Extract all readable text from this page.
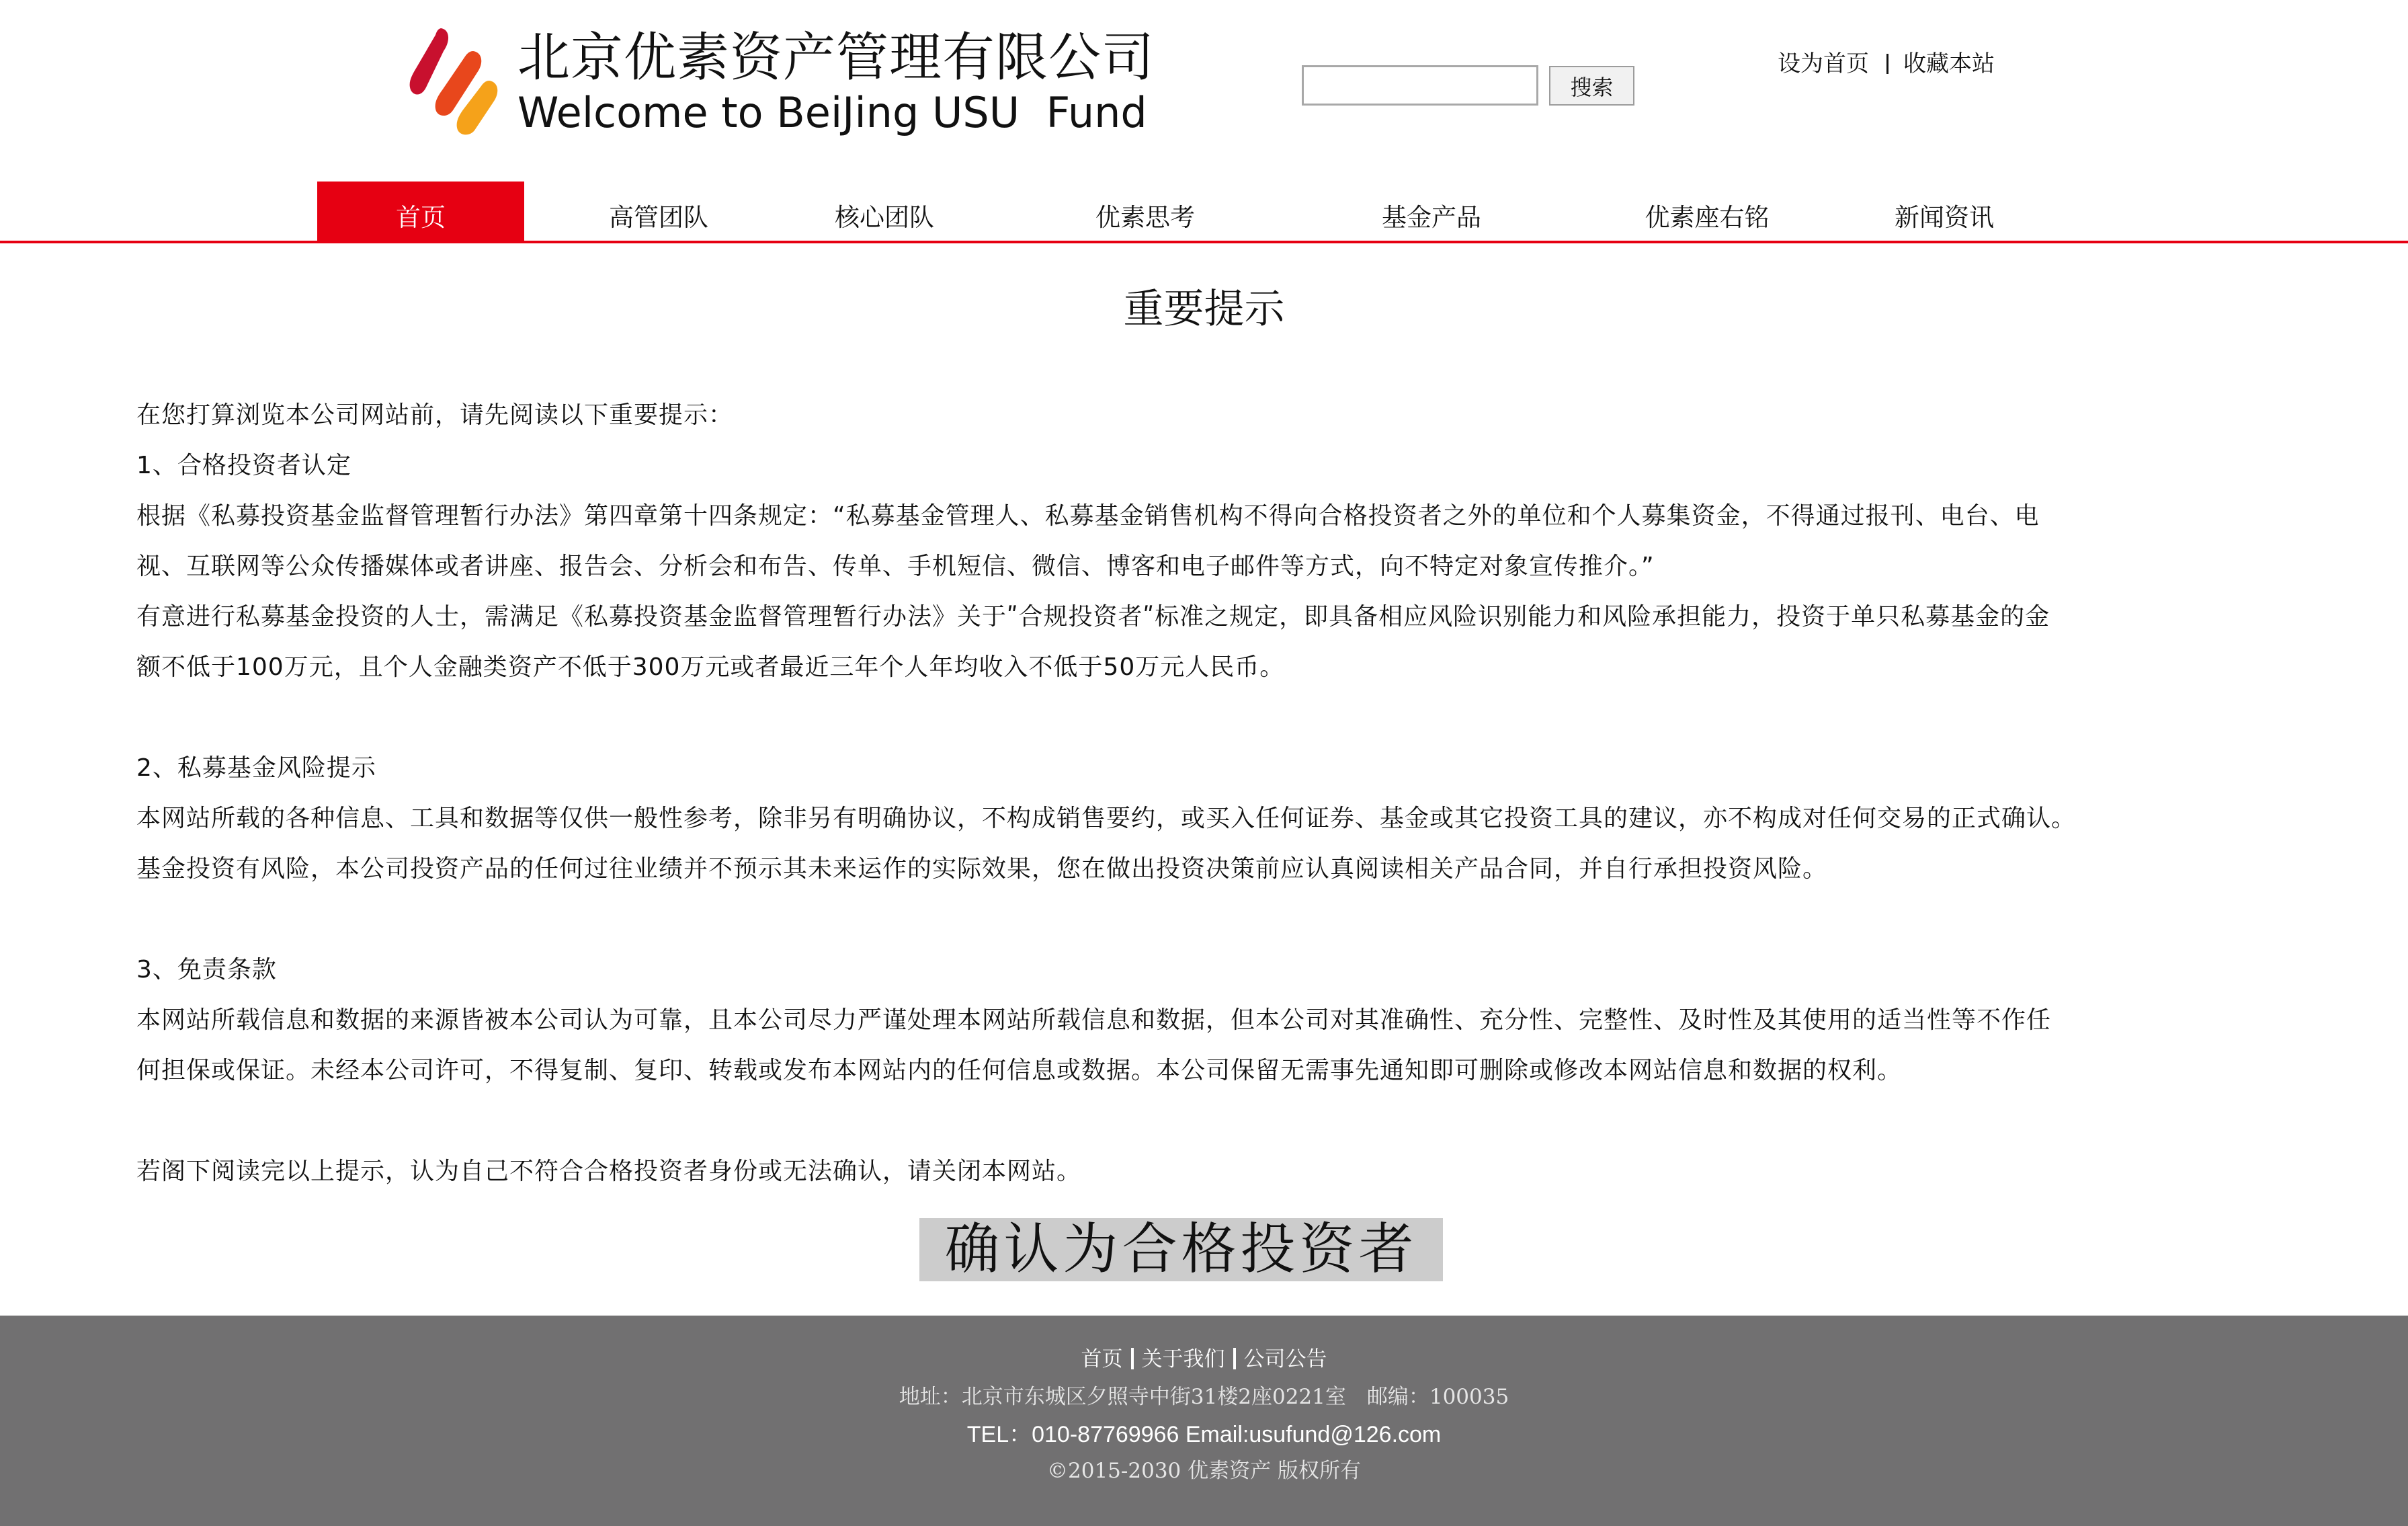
北京优素资产管理有限公司
Welcome to BeiJing USU  Fund
搜索
设为首页 收藏本站
首页	高管团队	核心团队	优素思考	基金产品	优素座右铭	新闻资讯
重要提示

在您打算浏览本公司网站前，请先阅读以下重要提示：

1、合格投资者认定

根据《私募投资基金监督管理暂行办法》第四章第十四条规定：“私募基金管理人、私募基金销售机构不得向合格投资者之外的单位和个人募集资金，不得通过报刊、电台、电

视、互联网等公众传播媒体或者讲座、报告会、分析会和布告、传单、手机短信、微信、博客和电子邮件等方式，向不特定对象宣传推介。”

有意进行私募基金投资的人士，需满足《私募投资基金监督管理暂行办法》关于ʺ合规投资者ʺ标准之规定，即具备相应风险识别能力和风险承担能力，投资于单只私募基金的金

额不低于100万元，且个人金融类资产不低于300万元或者最近三年个人年均收入不低于50万元人民币。

2、私募基金风险提示

本网站所载的各种信息、工具和数据等仅供一般性参考，除非另有明确协议，不构成销售要约，或买入任何证券、基金或其它投资工具的建议，亦不构成对任何交易的正式确认。

基金投资有风险，本公司投资产品的任何过往业绩并不预示其未来运作的实际效果，您在做出投资决策前应认真阅读相关产品合同，并自行承担投资风险。

3、免责条款

本网站所载信息和数据的来源皆被本公司认为可靠，且本公司尽力严谨处理本网站所载信息和数据，但本公司对其准确性、充分性、完整性、及时性及其使用的适当性等不作任

何担保或保证。未经本公司许可，不得复制、复印、转载或发布本网站内的任何信息或数据。本公司保留无需事先通知即可删除或修改本网站信息和数据的权利。

若阁下阅读完以上提示，认为自己不符合合格投资者身份或无法确认，请关闭本网站。

确认为合格投资者
首页 关于我们 公司公告
地址：北京市东城区夕照寺中街31楼2座0221室　邮编：100035
TEL：010-87769966 Email:usufund@126.com
©2015-2030 优素资产 版权所有
